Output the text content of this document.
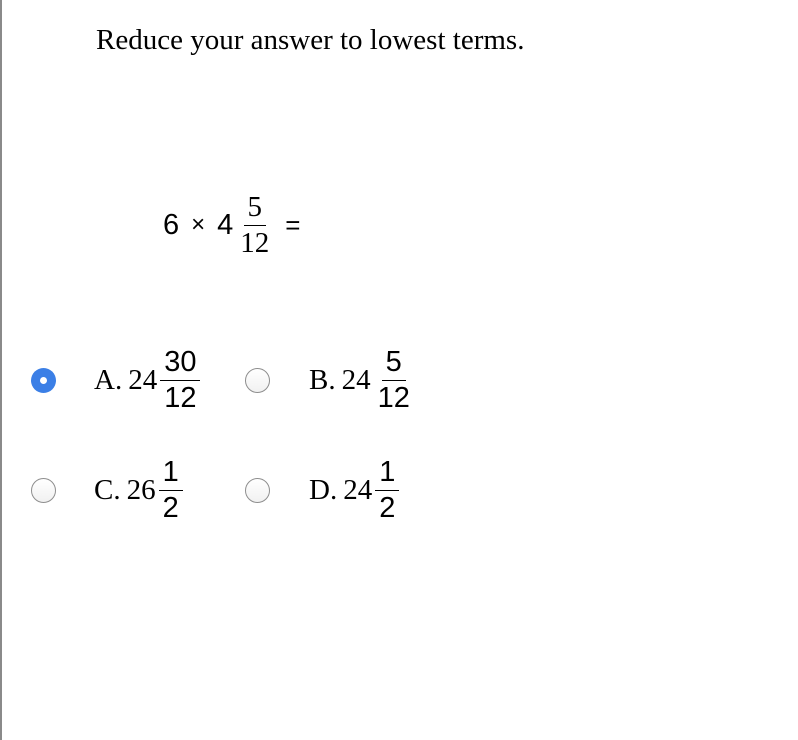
Reduce your answer to lowest terms.
$6 \times 4 \frac{5}{12}$ =
A. $24 \frac{30}{12}$	B. $24 \frac{5}{12}$
C. $26 \frac{1}{2}$	D. $24 \frac{1}{2}$
